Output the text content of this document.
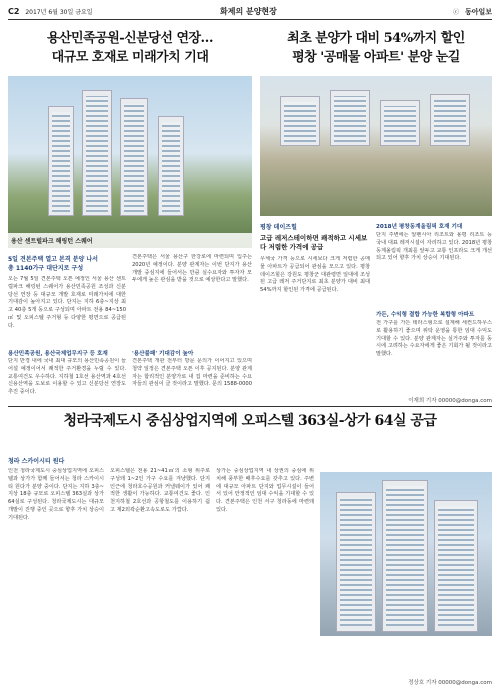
C2 2017년 6월 30일 금요일	화제의 분양현장	ⓒ 동아일보
용산민족공원-신분당선 연장…
대규모 호재로 미래가치 기대
용산 센트럴파크 해링턴 스퀘어
5일 견본주택 열고 본격 분양 나서
총 1140가구 대단지로 구성
오는 7월 5일 견본주택 오픈 예정인 서울 용산 센트럴파크 해링턴 스퀘어가 용산민족공원 조성과 신분당선 연장 등 대규모 개발 호재로 미래가치에 대한 기대감이 높아지고 있다. 단지는 지하 6층~지상 최고 40층 5개 동으로 구성되며 아파트 전용 84~150㎡ 및 오피스텔 주거형 등 다양한 평면으로 공급된다.
용산민족공원, 용산국제업무지구 등 호재
단지 반경 내에 국내 최대 규모의 용산민족공원이 들어설 예정이어서 쾌적한 주거환경을 누릴 수 있다. 교통여건도 우수하다. 지하철 1호선 용산역과 4호선 신용산역을 도보로 이용할 수 있고 신분당선 연장도 추진 중이다.
견본주택은 서울 용산구 한강로에 마련되며 입주는 2020년 예정이다. 분양 관계자는 이번 단지가 용산 개발 중심지에 들어서는 만큼 실수요자와 투자자 모두에게 높은 관심을 받을 것으로 예상한다고 말했다.
'용산불패' 기대감이 높아
견본주택 개관 전부터 방문 문의가 이어지고 있으며 청약 일정은 견본주택 오픈 이후 공지된다. 분양 관계자는 합리적인 분양가로 내 집 마련을 준비하는 수요자들의 관심이 클 것이라고 말했다. 문의 1588-0000
최초 분양가 대비 54%까지 할인
평창 '공매물 아파트' 분양 눈길
평창 데이즈힐
고급 레저스테이하면 쾌적하고 시세보다 저렴한 가격에 공급
우체국 가격 등으로 시세보다 크게 저렴한 공매물 아파트가 공급되어 관심을 모으고 있다. 평창 데이즈힐은 강원도 평창군 대관령면 일대에 조성된 고급 레저 주거단지로 최초 분양가 대비 최대 54%까지 할인된 가격에 공급된다.
2018년 평창동계올림픽 호재 기대
단지 주변에는 알펜시아 리조트와 용평 리조트 등 국내 대표 레저시설이 자리하고 있다. 2018년 평창동계올림픽 개최를 앞두고 교통 인프라도 크게 개선되고 있어 향후 가치 상승이 기대된다.
가든, 수익형 결합 가능한 복합형 아파트
전 가구를 가든 테라스형으로 설계해 세컨드하우스로 활용하기 좋으며 위탁 운영을 통한 임대 수익도 기대할 수 있다. 분양 관계자는 실거주와 투자를 동시에 고려하는 수요자에게 좋은 기회가 될 것이라고 말했다.
이재희 기자 00000@donga.com
청라국제도시 중심상업지역에 오피스텔 363실-상가 64실 공급
청라 스카이시티 원다
인천 청라국제도시 중심상업지역에 오피스텔과 상가가 함께 들어서는 청라 스카이시티 원다가 분양 중이다. 단지는 지하 3층~지상 18층 규모로 오피스텔 363실과 상가 64실로 구성된다. 청라국제도시는 대규모 개발이 진행 중인 곳으로 향후 가치 상승이 기대된다.
오피스텔은 전용 21~41㎡의 소형 위주로 구성돼 1~2인 가구 수요를 겨냥했다. 단지 인근에 청라호수공원과 커낼웨이가 있어 쾌적한 생활이 가능하다. 교통여건도 좋다. 인천지하철 2호선과 공항철도를 이용하기 쉽고 제2외곽순환고속도로도 가깝다.
상가는 중심상업지역 내 상권의 중심에 위치해 풍부한 배후수요를 갖추고 있다. 주변에 대규모 아파트 단지와 업무시설이 들어서 있어 안정적인 임대 수익을 기대할 수 있다. 견본주택은 인천 서구 청라동에 마련돼 있다.
정상호 기자 00000@donga.com
